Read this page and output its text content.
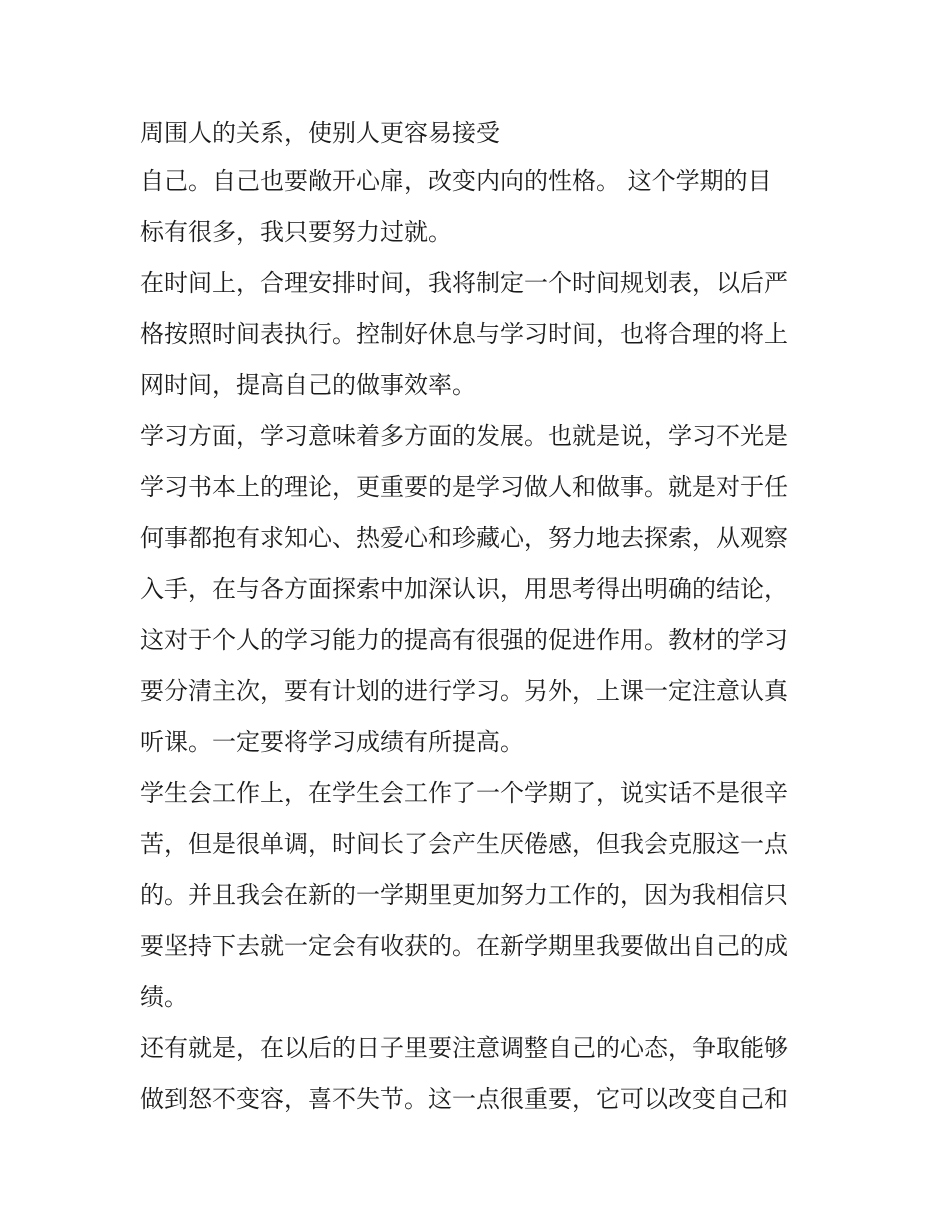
周围人的关系，使别人更容易接受
自己。自己也要敞开心扉，改变内向的性格。 这个学期的目
标有很多，我只要努力过就。
在时间上，合理安排时间，我将制定一个时间规划表，以后严
格按照时间表执行。控制好休息与学习时间，也将合理的将上
网时间，提高自己的做事效率。
学习方面，学习意味着多方面的发展。也就是说，学习不光是
学习书本上的理论，更重要的是学习做人和做事。就是对于任
何事都抱有求知心、热爱心和珍藏心，努力地去探索，从观察
入手，在与各方面探索中加深认识，用思考得出明确的结论，
这对于个人的学习能力的提高有很强的促进作用。教材的学习
要分清主次，要有计划的进行学习。另外，上课一定注意认真
听课。一定要将学习成绩有所提高。
学生会工作上，在学生会工作了一个学期了，说实话不是很辛
苦，但是很单调，时间长了会产生厌倦感，但我会克服这一点
的。并且我会在新的一学期里更加努力工作的，因为我相信只
要坚持下去就一定会有收获的。在新学期里我要做出自己的成
绩。
还有就是，在以后的日子里要注意调整自己的心态，争取能够
做到怒不变容，喜不失节。这一点很重要，它可以改变自己和
